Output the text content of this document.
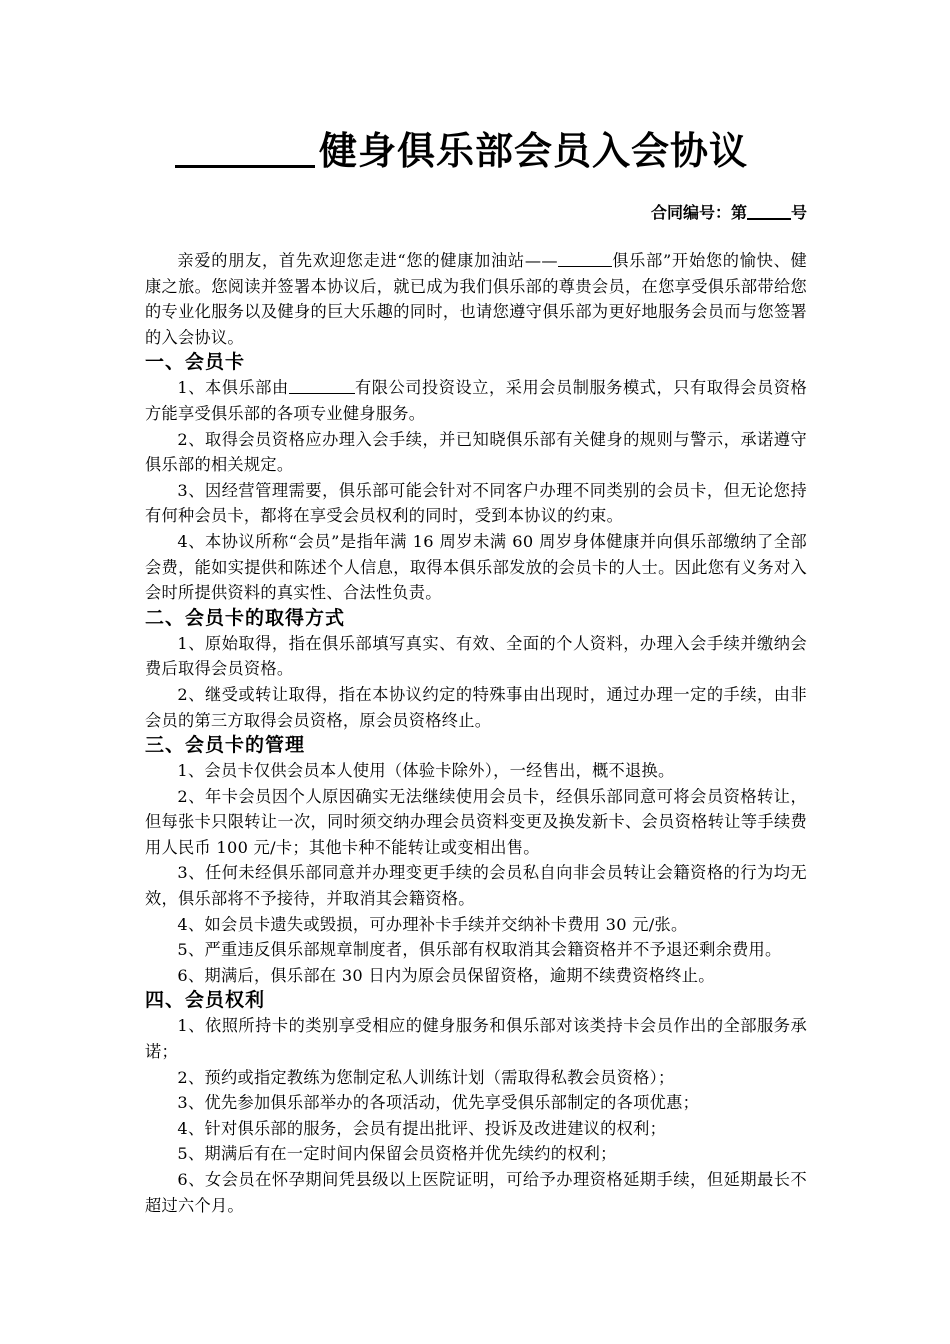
健身俱乐部会员入会协议
合同编号：第	号

亲爱的朋友，首先欢迎您走进“您的健康加油站——	俱乐部”开始您的愉快、健康之旅。您阅读并签署本协议后，就已成为我们俱乐部的尊贵会员，在您享受俱乐部带给您的专业化服务以及健身的巨大乐趣的同时，也请您遵守俱乐部为更好地服务会员而与您签署的入会协议。

一、会员卡

1、本俱乐部由	有限公司投资设立，采用会员制服务模式，只有取得会员资格方能享受俱乐部的各项专业健身服务。

2、取得会员资格应办理入会手续，并已知晓俱乐部有关健身的规则与警示，承诺遵守俱乐部的相关规定。

3、因经营管理需要，俱乐部可能会针对不同客户办理不同类别的会员卡，但无论您持有何种会员卡，都将在享受会员权利的同时，受到本协议的约束。

4、本协议所称“会员”是指年满 16 周岁未满 60 周岁身体健康并向俱乐部缴纳了全部会费，能如实提供和陈述个人信息，取得本俱乐部发放的会员卡的人士。因此您有义务对入会时所提供资料的真实性、合法性负责。

二、会员卡的取得方式

1、原始取得，指在俱乐部填写真实、有效、全面的个人资料，办理入会手续并缴纳会费后取得会员资格。

2、继受或转让取得，指在本协议约定的特殊事由出现时，通过办理一定的手续，由非会员的第三方取得会员资格，原会员资格终止。

三、会员卡的管理

1、会员卡仅供会员本人使用（体验卡除外），一经售出，概不退换。

2、年卡会员因个人原因确实无法继续使用会员卡，经俱乐部同意可将会员资格转让，但每张卡只限转让一次，同时须交纳办理会员资料变更及换发新卡、会员资格转让等手续费用人民币 100 元/卡；其他卡种不能转让或变相出售。

3、任何未经俱乐部同意并办理变更手续的会员私自向非会员转让会籍资格的行为均无效，俱乐部将不予接待，并取消其会籍资格。

4、如会员卡遗失或毁损，可办理补卡手续并交纳补卡费用 30 元/张。

5、严重违反俱乐部规章制度者，俱乐部有权取消其会籍资格并不予退还剩余费用。

6、期满后，俱乐部在 30 日内为原会员保留资格，逾期不续费资格终止。

四、会员权利

1、依照所持卡的类别享受相应的健身服务和俱乐部对该类持卡会员作出的全部服务承诺；

2、预约或指定教练为您制定私人训练计划（需取得私教会员资格）；

3、优先参加俱乐部举办的各项活动，优先享受俱乐部制定的各项优惠；

4、针对俱乐部的服务，会员有提出批评、投诉及改进建议的权利；

5、期满后有在一定时间内保留会员资格并优先续约的权利；

6、女会员在怀孕期间凭县级以上医院证明，可给予办理资格延期手续，但延期最长不超过六个月。
